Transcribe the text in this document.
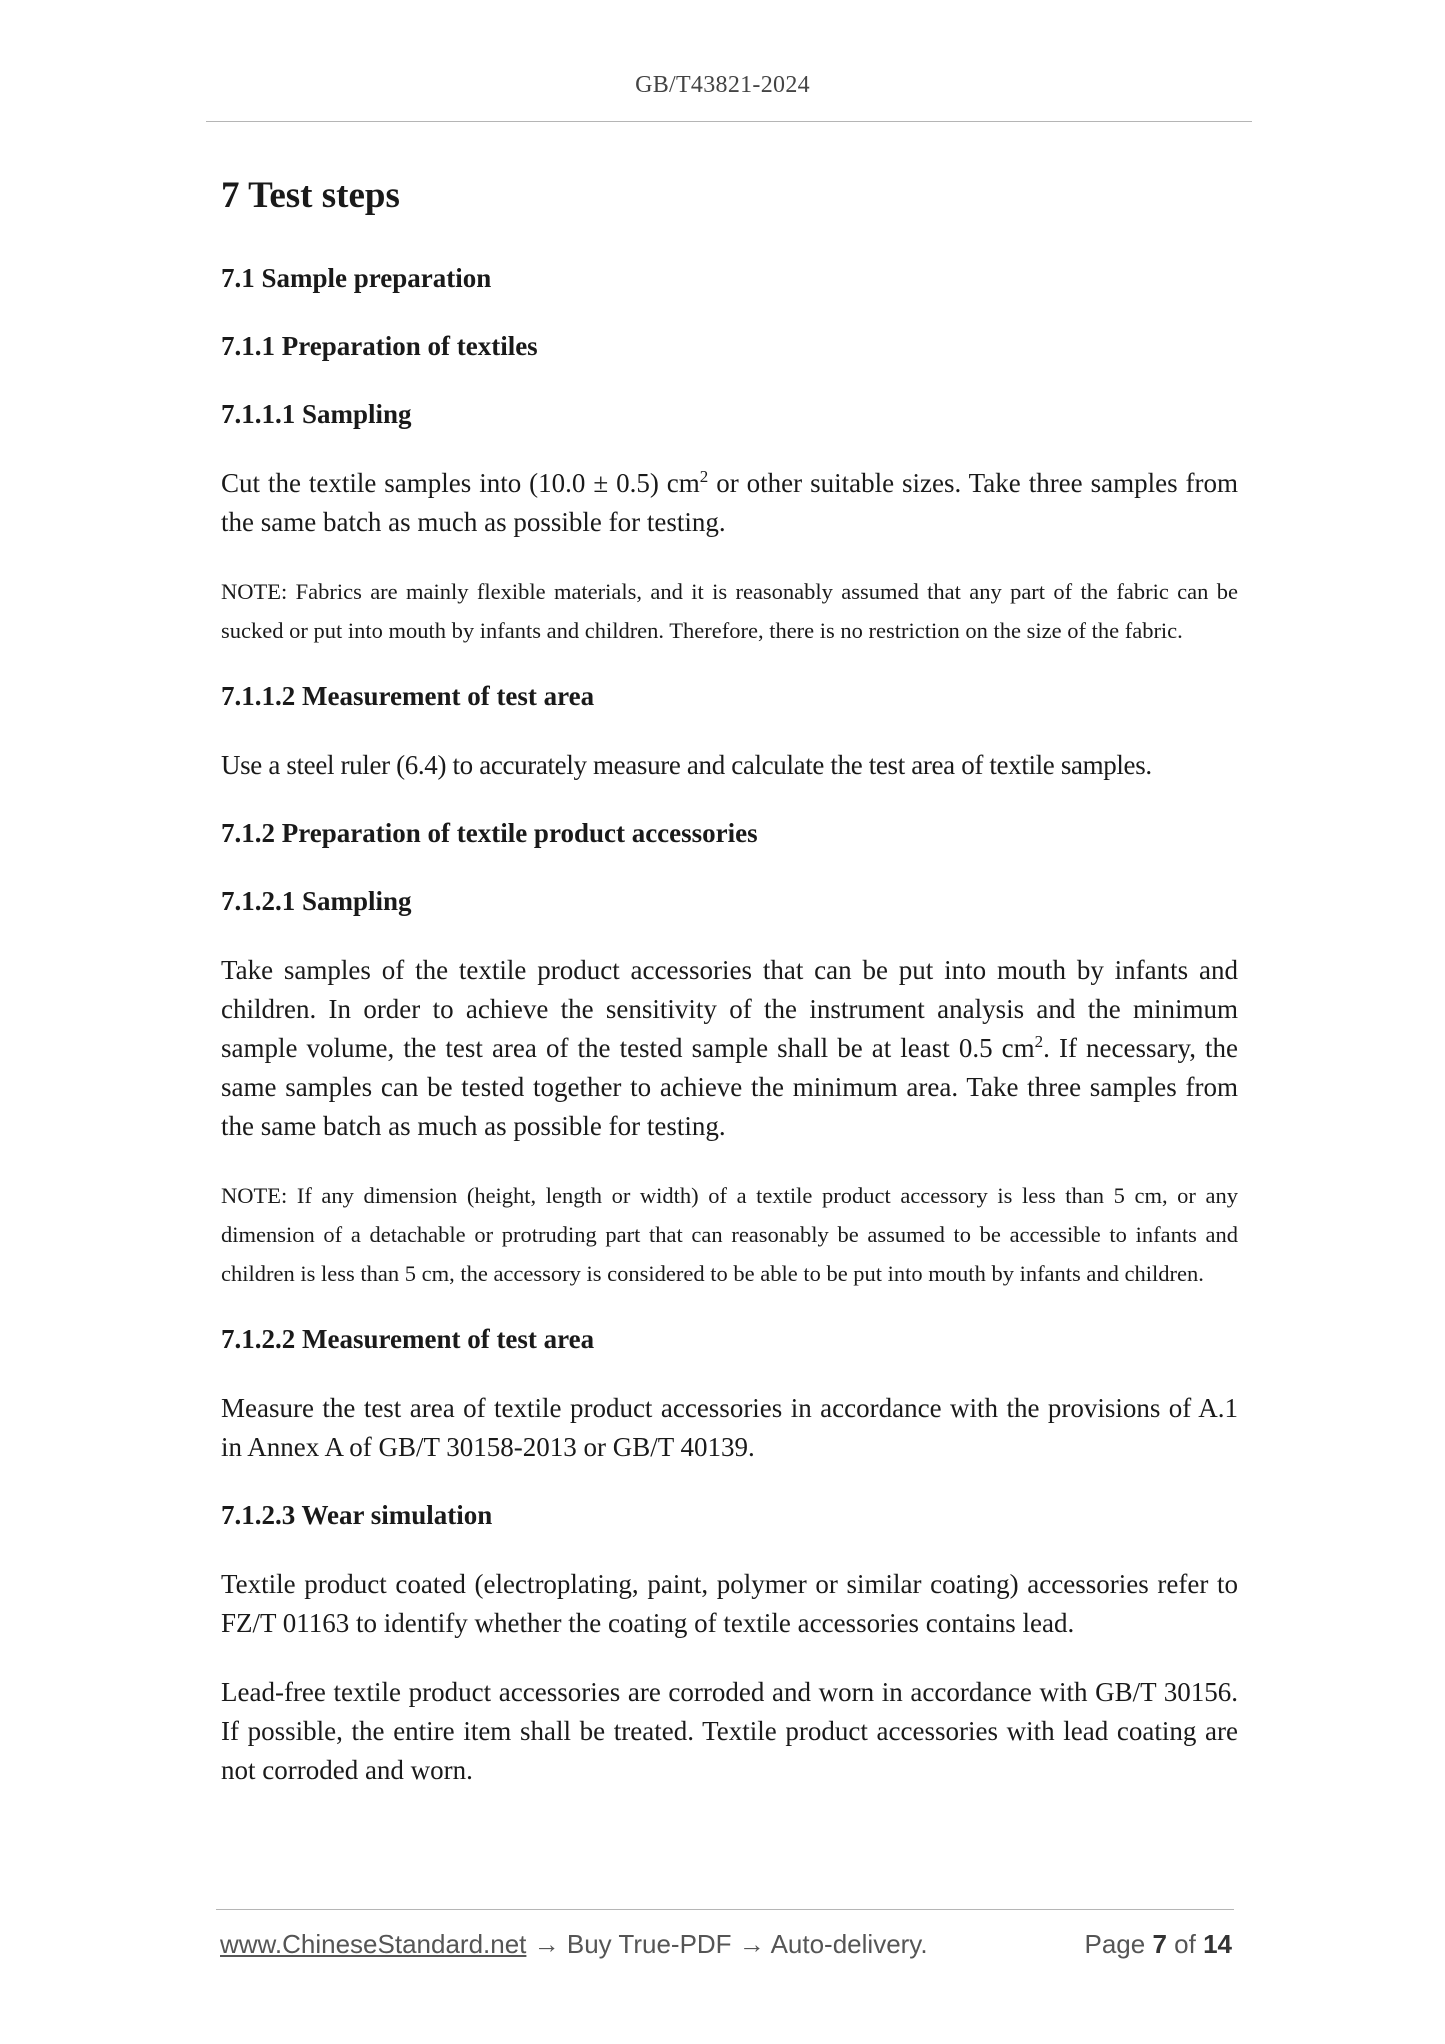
GB/T43821-2024
7 Test steps
7.1 Sample preparation
7.1.1 Preparation of textiles
7.1.1.1 Sampling

Cut the textile samples into (10.0 ± 0.5) $cm^2$ or other suitable sizes. Take three samples from the same batch as much as possible for testing.

NOTE: Fabrics are mainly flexible materials, and it is reasonably assumed that any part of the fabric can be sucked or put into mouth by infants and children. Therefore, there is no restriction on the size of the fabric.

7.1.1.2 Measurement of test area

Use a steel ruler (6.4) to accurately measure and calculate the test area of textile samples.

7.1.2 Preparation of textile product accessories
7.1.2.1 Sampling

Take samples of the textile product accessories that can be put into mouth by infants and children. In order to achieve the sensitivity of the instrument analysis and the minimum sample volume, the test area of the tested sample shall be at least 0.5 $cm^2$. If necessary, the same samples can be tested together to achieve the minimum area. Take three samples from the same batch as much as possible for testing.

NOTE: If any dimension (height, length or width) of a textile product accessory is less than 5 cm, or any dimension of a detachable or protruding part that can reasonably be assumed to be accessible to infants and children is less than 5 cm, the accessory is considered to be able to be put into mouth by infants and children.

7.1.2.2 Measurement of test area

Measure the test area of textile product accessories in accordance with the provisions of A.1 in Annex A of GB/T 30158-2013 or GB/T 40139.

7.1.2.3 Wear simulation

Textile product coated (electroplating, paint, polymer or similar coating) accessories refer to FZ/T 01163 to identify whether the coating of textile accessories contains lead.

Lead-free textile product accessories are corroded and worn in accordance with GB/T 30156. If possible, the entire item shall be treated. Textile product accessories with lead coating are not corroded and worn.

www.ChineseStandard.net → Buy True-PDF → Auto-delivery.	Page 7 of 14
